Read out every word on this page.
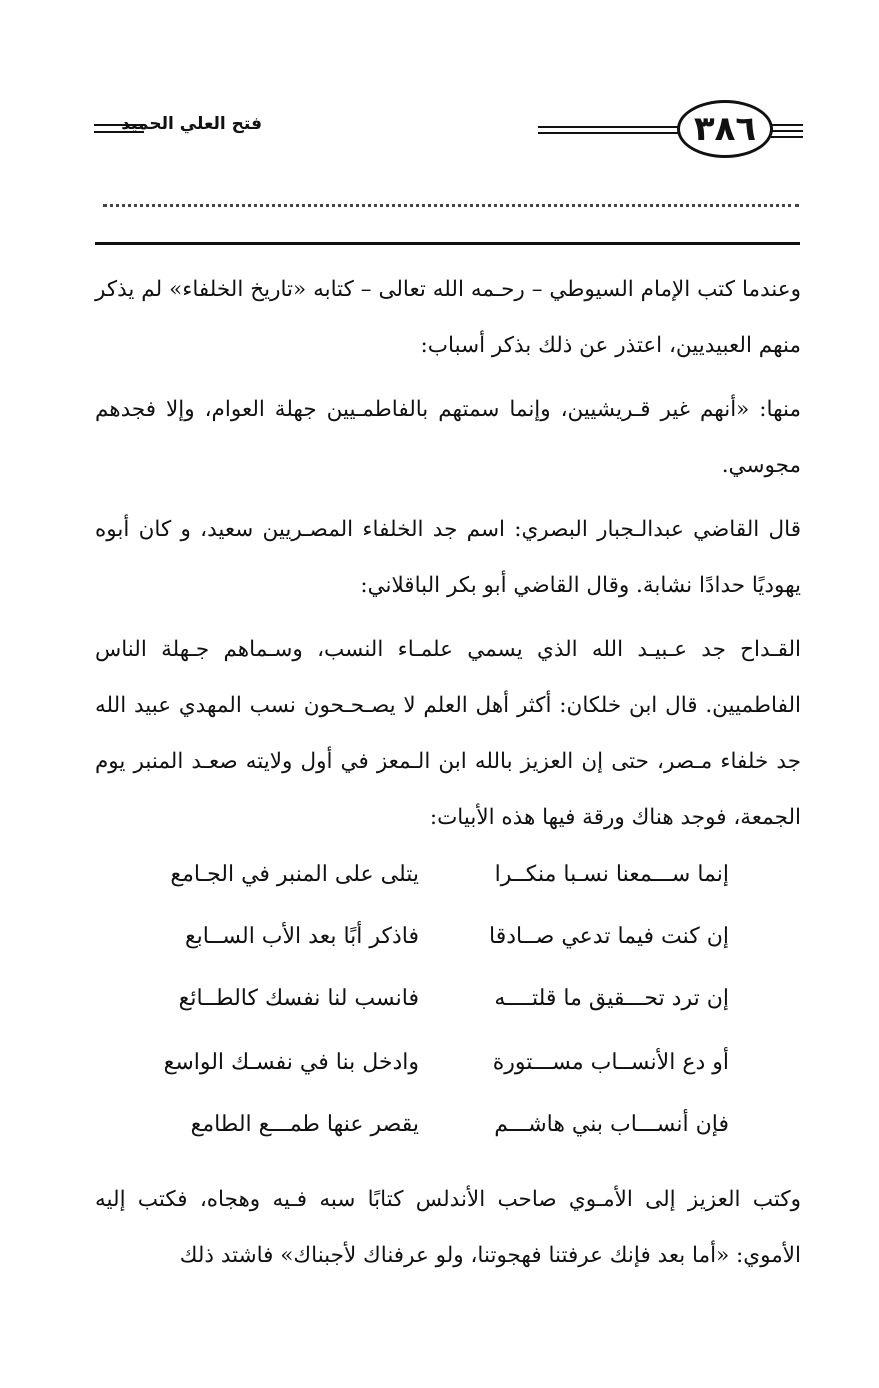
٣٨٦
فتح العلي الحميد

وعندما كتب الإمام السيوطي – رحـمه الله تعالى – كتابه «تاريخ الخلفاء» لم يذكر منهم العبيديين، اعتذر عن ذلك بذكر أسباب:

منها: «أنهم غير قـريشيين، وإنما سمتهم بالفاطمـيين جهلة العوام، وإلا فجدهم مجوسي.

قال القاضي عبدالـجبار البصري: اسم جد الخلفاء المصـريين سعيد، و كان أبوه يهوديًا حدادًا نشابة. وقال القاضي أبو بكر الباقلاني:

القـداح جد عـبيـد الله الذي يسمي علمـاء النسب، وسـماهم جـهلة الناس الفاطميين. قال ابن خلكان: أكثر أهل العلم لا يصـحـحون نسب المهدي عبيد الله جد خلفاء مـصر، حتى إن العزيز بالله ابن الـمعز في أول ولايته صعـد المنبر يوم الجمعة، فوجد هناك ورقة فيها هذه الأبيات:

إنما ســـمعنا نسـبا منكــرا
يتلى على المنبر في الجـامع
إن كنت فيما تدعي صــادقا
فاذكر أبًا بعد الأب الســابع
إن ترد تحـــقيق ما قلتــــه
فانسب لنا نفسك كالطــائع
أو دع الأنســاب مســـتورة
وادخل بنا في نفسـك الواسع
فإن أنســـاب بني هاشـــم
يقصر عنها طمـــع الطامع

وكتب العزيز إلى الأمـوي صاحب الأندلس كتابًا سبه فـيه وهجاه، فكتب إليه الأموي: «أما بعد فإنك عرفتنا فهجوتنا، ولو عرفناك لأجبناك» فاشتد ذلك
